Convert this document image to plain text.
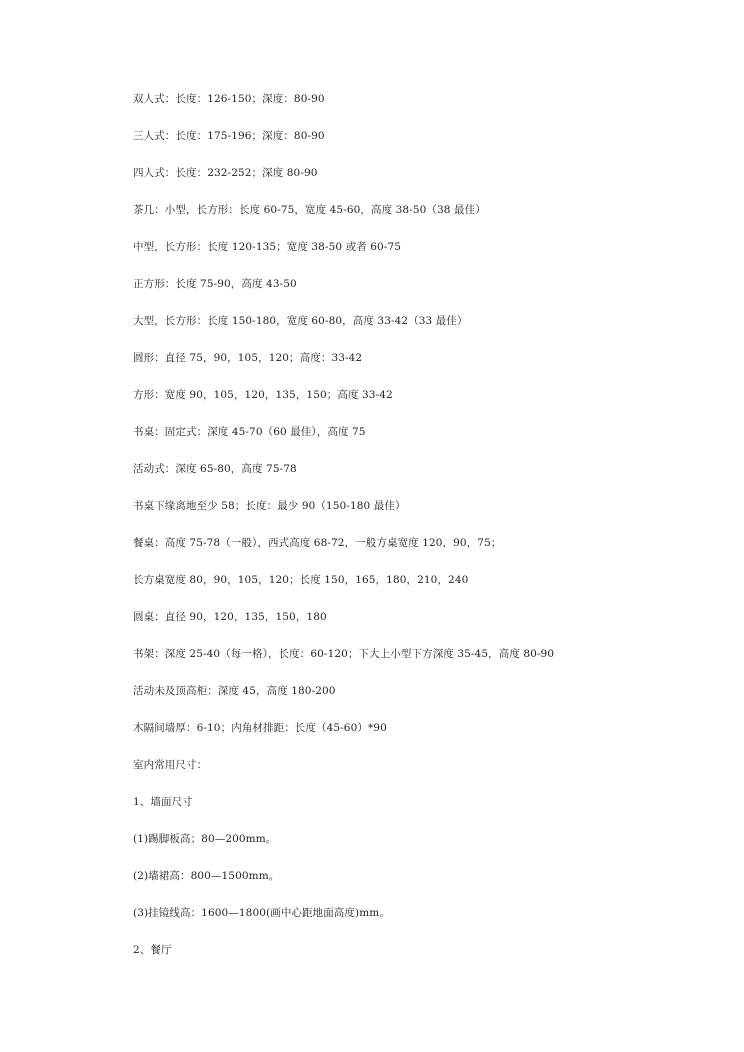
双人式：长度：126-150；深度：80-90
三人式：长度：175-196；深度：80-90
四人式：长度：232-252；深度 80-90
茶几：小型，长方形：长度 60-75，宽度 45-60，高度 38-50（38 最佳）
中型，长方形：长度 120-135；宽度 38-50 或者 60-75
正方形：长度 75-90，高度 43-50
大型，长方形：长度 150-180，宽度 60-80，高度 33-42（33 最佳）
圆形：直径 75，90，105，120；高度：33-42
方形：宽度 90，105，120，135，150；高度 33-42
书桌：固定式：深度 45-70（60 最佳），高度 75
活动式：深度 65-80，高度 75-78
书桌下缘离地至少 58；长度：最少 90（150-180 最佳）
餐桌：高度 75-78（一般），西式高度 68-72，一般方桌宽度 120，90，75；
长方桌宽度 80，90，105，120；长度 150，165，180，210，240
圆桌：直径 90，120，135，150，180
书架：深度 25-40（每一格），长度：60-120；下大上小型下方深度 35-45，高度 80-90
活动未及顶高柜：深度 45，高度 180-200
木隔间墙厚：6-10；内角材排距：长度（45-60）*90
室内常用尺寸：
1、墙面尺寸
(1)踢脚板高；80—200mm。
(2)墙裙高：800—1500mm。
(3)挂镜线高：1600—1800(画中心距地面高度)mm。
2、餐厅
